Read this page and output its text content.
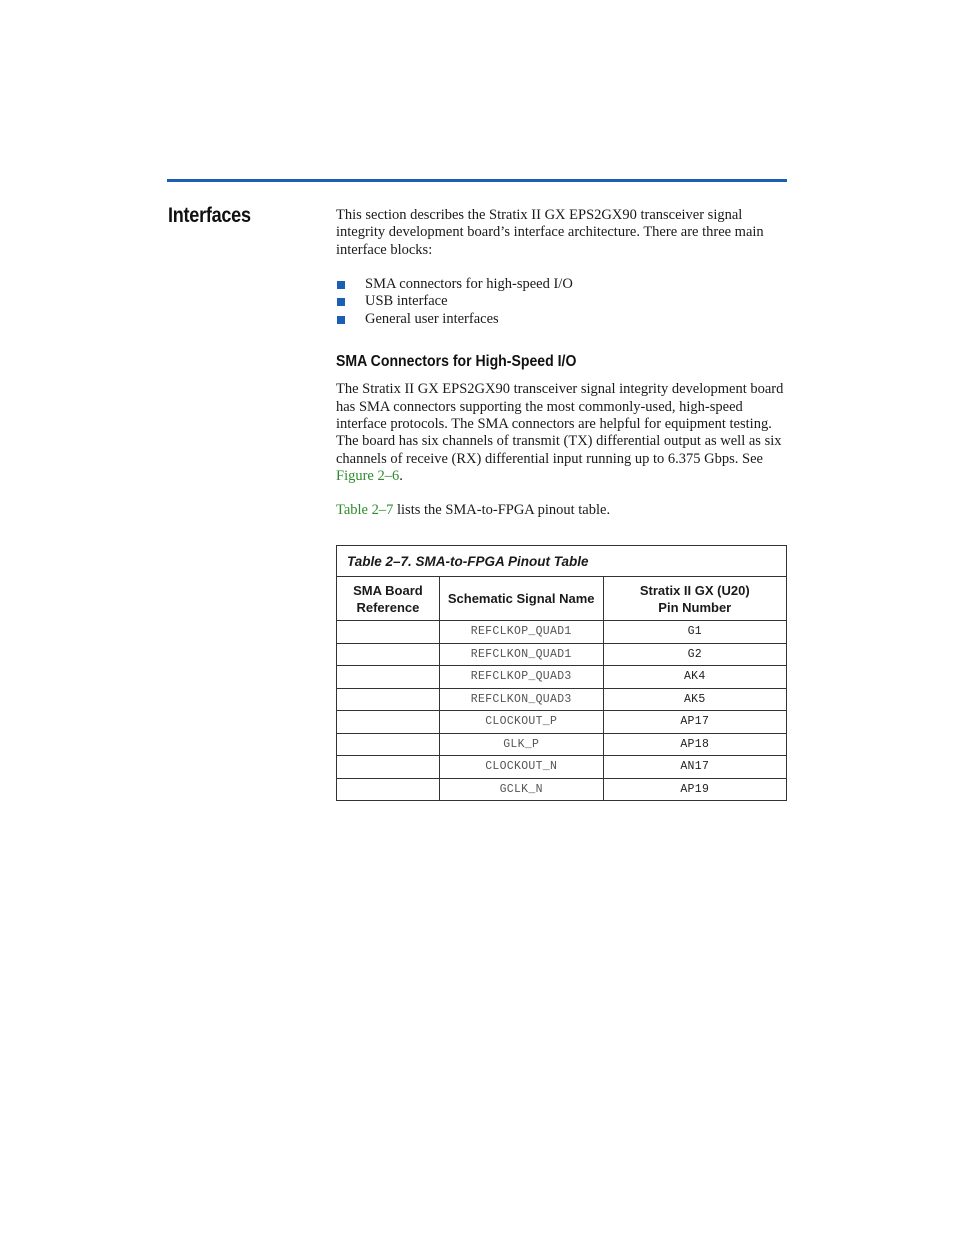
Interfaces	This section describes the Stratix II GX EPS2GX90 transceiver signal integrity development board’s interface architecture. There are three main interface blocks:

SMA connectors for high-speed I/O
USB interface
General user interfaces
SMA Connectors for High-Speed I/O

The Stratix II GX EPS2GX90 transceiver signal integrity development board has SMA connectors supporting the most commonly-used, high-speed interface protocols. The SMA connectors are helpful for equipment testing. The board has six channels of transmit (TX) differential output as well as six channels of receive (RX) differential input running up to 6.375 Gbps. See Figure 2–6.

Table 2–7 lists the SMA-to-FPGA pinout table.

Table 2–7. SMA-to-FPGA Pinout Table		
SMA Board
Reference	Schematic Signal Name	Stratix II GX (U20)
Pin Number
	REFCLKOP_QUAD1	G1
	REFCLKON_QUAD1	G2
	REFCLKOP_QUAD3	AK4
	REFCLKON_QUAD3	AK5
	CLOCKOUT_P	AP17
	GLK_P	AP18
	CLOCKOUT_N	AN17
	GCLK_N	AP19
